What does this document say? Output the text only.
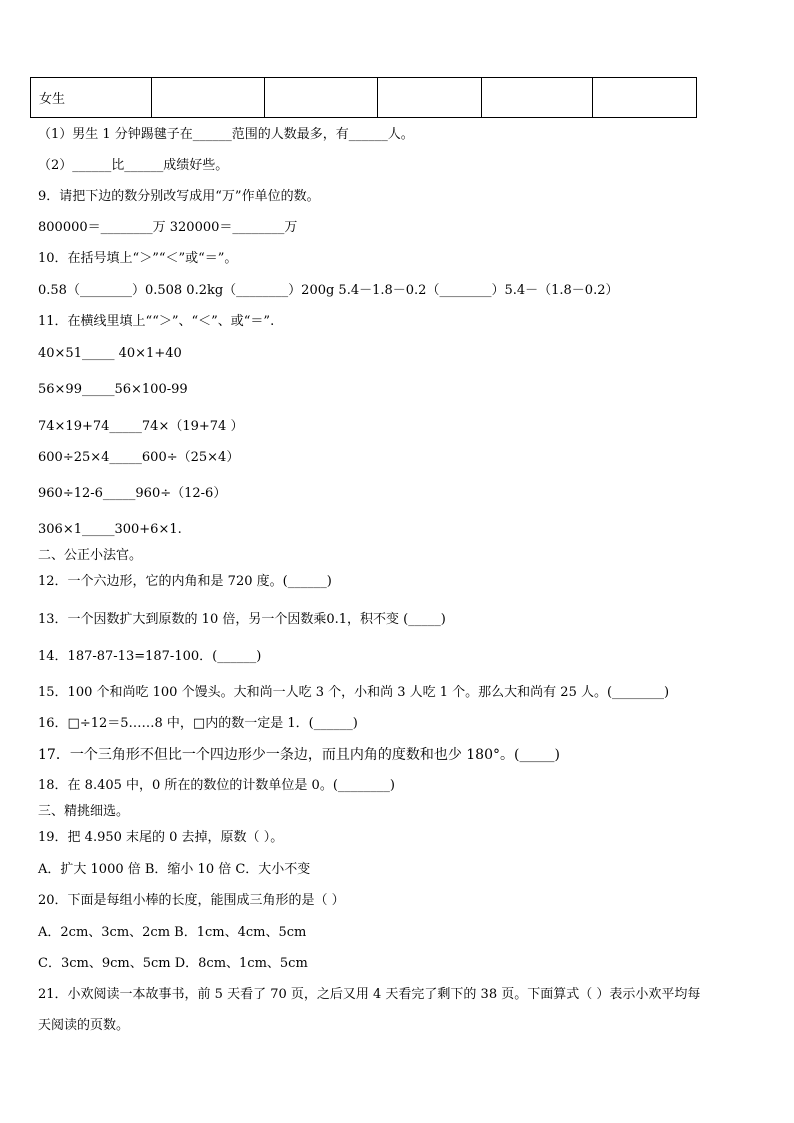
女生					
（1）男生 1 分钟踢毽子在______范围的人数最多，有______人。
（2）______比______成绩好些。
9．请把下边的数分别改写成用“万”作单位的数。
800000＝________万 320000＝________万
10．在括号填上“＞”“＜”或“＝”。
0.58（________）0.508 0.2kg（________）200g 5.4－1.8－0.2（________）5.4－（1.8－0.2）
11．在横线里填上““＞”、“＜”、或“＝”.
40×51_____ 40×1+40
56×99_____56×100-99
74×19+74_____74×（19+74 ）
600÷25×4_____600÷（25×4）
960÷12-6_____960÷（12-6）
306×1_____300+6×1.
二、公正小法官。
12．一个六边形，它的内角和是 720 度。(______)
13．一个因数扩大到原数的 10 倍，另一个因数乘0.1，积不变 (_____)
14．187-87-13=187-100．(______)
15．100 个和尚吃 100 个馒头。大和尚一人吃 3 个，小和尚 3 人吃 1 个。那么大和尚有 25 人。(________)
16．□÷12＝5……8 中，□内的数一定是 1．(______)
17．一个三角形不但比一个四边形少一条边，而且内角的度数和也少 180°。(_____)
18．在 8.405 中，0 所在的数位的计数单位是 0。(________)
三、精挑细选。
19．把 4.950 末尾的 0 去掉，原数（ ）。
A．扩大 1000 倍 B．缩小 10 倍 C．大小不变
20．下面是每组小棒的长度，能围成三角形的是（ ）
A．2cm、3cm、2cm B．1cm、4cm、5cm
C．3cm、9cm、5cm D．8cm、1cm、5cm
21．小欢阅读一本故事书，前 5 天看了 70 页，之后又用 4 天看完了剩下的 38 页。下面算式（ ）表示小欢平均每
天阅读的页数。
